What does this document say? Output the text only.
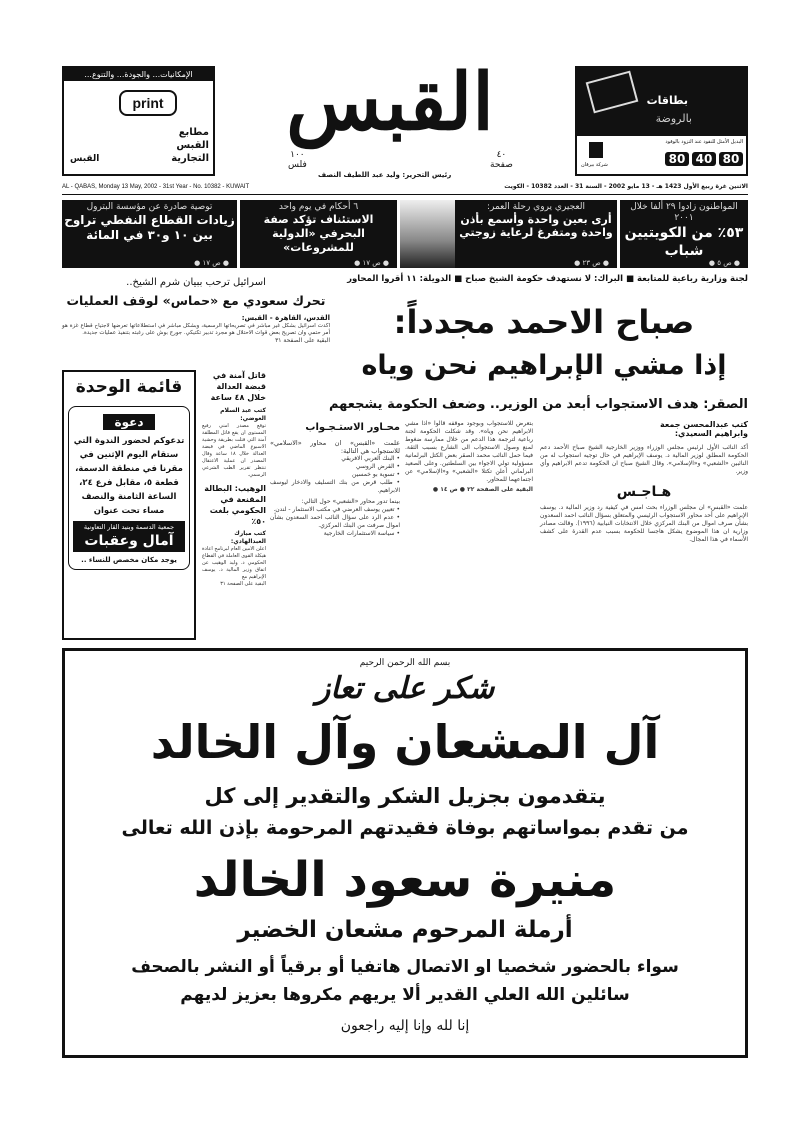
الإمكانيات... والجودة... والتنوع...
print
مطابع القبس التجارية
القبس
القبس
٤٠
صفحة
١٠٠
فلس
رئيس التحرير: وليد عبد اللطيف النصف
بطاقات
بالروضة
البديل الأمثل للنقود عند التزود بالوقود
80 40 80
شركة بيرقان
الاثنين غرة ربيع الأول 1423 هـ - 13 مايو 2002 - السنة 31 - العدد 10382 - الكويت
AL - QABAS, Monday 13 May, 2002 - 31st Year - No. 10382 - KUWAIT
المواطنون زادوا ٢٩ ألفا خلال ٢٠٠١
٥٣٪ من الكويتيين شباب
● ص ٥ ●
العجيري يروي رحلة العمر:
أرى بعين واحدة وأسمع بأذن واحدة ومتفرغ لرعاية زوجتي
● ص ٢٣ ●
٦ أحكام في يوم واحد
الاستئناف تؤكد صفة البحرفي «الدولية للمشروعات»
● ص ١٧ ●
توصية صادرة عن مؤسسة البترول
زيادات القطاع النفطي تراوح بين ١٠ و٣٠ في المائة
● ص ١٧ ●
لجنة وزارية رباعية للمتابعة ■ البراك: لا نستهدف حكومة الشيخ صباح ■ الدويلة: ١١ أقروا المحاور
صباح الاحمد مجدداً:
إذا مشي الإبراهيم نحن وياه
الصقر: هدف الاستجواب أبعد من الوزير.. وضعف الحكومة يشجعهم
كتب عبدالمحسن جمعة وابراهيم السعيدي:
أكد النائب الأول لرئيس مجلس الوزراء ووزير الخارجية الشيخ صباح الأحمد دعم الحكومة المطلق لوزير المالية د. يوسف الإبراهيم في حال توجيه استجواب له من النائبين «الشعبي» و«الإسلامي». وقال الشيخ صباح ان الحكومة تدعم الابراهيم وأي وزير.
هـاجـس
علمت «القبس» ان مجلس الوزراء بحث امس في كيفية رد وزير المالية د. يوسف الإبراهيم على أحد محاور الاستجواب الرئيسي والمتعلق بسؤال النائب احمد السعدون بشأن صرف اموال من البنك المركزي خلال الانتخابات النيابية (١٩٩٦). وقالت مصادر وزارية ان هذا الموضوع يشكل هاجسا للحكومة بسبب عدم القدرة على كشف الأسماء في هذا المجال.
بتعرض للاستجواب وبوجود موقفه قالوا «اذا مشي الابراهيم نحن وياه». وقد شكلت الحكومة لجنة رباعية لترجمة هذا الدعم من خلال ممارسة ضغوط لمنع وصول الاستجواب الى الشارع بسبب الثقة. فيما حمل النائب محمد الصقر بعض الكتل البرلمانية مسؤولية تولي الاجواء بين السلطتين. وعلى الصعيد البرلماني أعلن تكتلا «الشعبي» و«الإسلامي» عن اجتماعهما للمحاور.
البقية على الصفحة ٢٢ ● ص ١٤ ●
محـاور الاستـجـواب
علمت «القبس» ان محاور «الاسلامي» للاستجواب هي التالية:
• البنك العربي الافريقي
• القرض الروسي
• تسوية بو خمسين
• طلب قرض من بنك التسليف والادخار ليوسف الابراهيم.
بينما تدور محاور «الشعبي» حول التالي:
• تعيين يوسف العرضي في مكتب الاستثمار - لندن.
• عدم الرد على سؤال النائب احمد السعدون بشأن اموال صرفت من البنك المركزي.
• سياسة الاستثمارات الخارجية
اسرائيل ترحب ببيان شرم الشيخ..
تحرك سعودي مع «حماس» لوقف العمليات
القدس، القاهرة - القبس:
اكدت اسرائيل بشكل غير مباشر في تصريحاتها الرسمية، وبشكل مباشر في استطلاعاتها تعرضها لاجتياح قطاع غزة هو أمر حتمي وان تصريح بعض قوات الاحتلال هو مجرد تدبير تكتيكي. جورج بوش على رغبته بتنفيذ عمليات جديدة.
البقية على الصفحة ٣١
قاتل آمنة في قبضة العدالة خلال ٤٨ ساعة
كتب عبد السلام العوضي:
توقع مصدر امني رفيع المستوى ان يقع قاتل المطلقة آمنة التي قتلت بطريقة وحشية الاسبوع الماضي في قبضة العدالة خلال ١٨ ساعة وقال المصدر ان عملية الاعتقال تنتظر تقرير الطب الشرعي الرسمي.
الوهيب: البطالة المقنعة في الحكومي بلغت ٥٠٪
كتب مبارك العبدالهادي:
اعلن الامين العام لبرنامج اعادة هيكلة القوى العاملة في القطاع الحكومي د. وليد الوهيب عن اتفاق وزير المالية د. يوسف الإبراهيم مع
البقية على الصفحة ٣١
قائمة الوحدة
دعوة
تدعوكم لحضور الندوة التي ستقام اليوم الإثنين في مقرنا في منطقة الدسمة، قطعة ٥، مقابل فرع ٢٤، الساعة الثامنة والنصف مساء تحت عنوان
جمعية الدسمة وبنيد القار التعاونية
آمال وعقبات
يوجد مكان مخصص للنساء ..
بسم الله الرحمن الرحيم
شكر على تعاز
آل المشعان وآل الخالد
يتقدمون بجزيل الشكر والتقدير إلى كل
من تقدم بمواساتهم بوفاة فقيدتهم المرحومة بإذن الله تعالى
منيرة سعود الخالد
أرملة المرحوم مشعان الخضير
سواء بالحضور شخصيا او الاتصال هاتفيا أو برقياً أو النشر بالصحف
سائلين الله العلي القدير ألا يريهم مكروها بعزيز لديهم
إنا لله وإنا إليه راجعون
